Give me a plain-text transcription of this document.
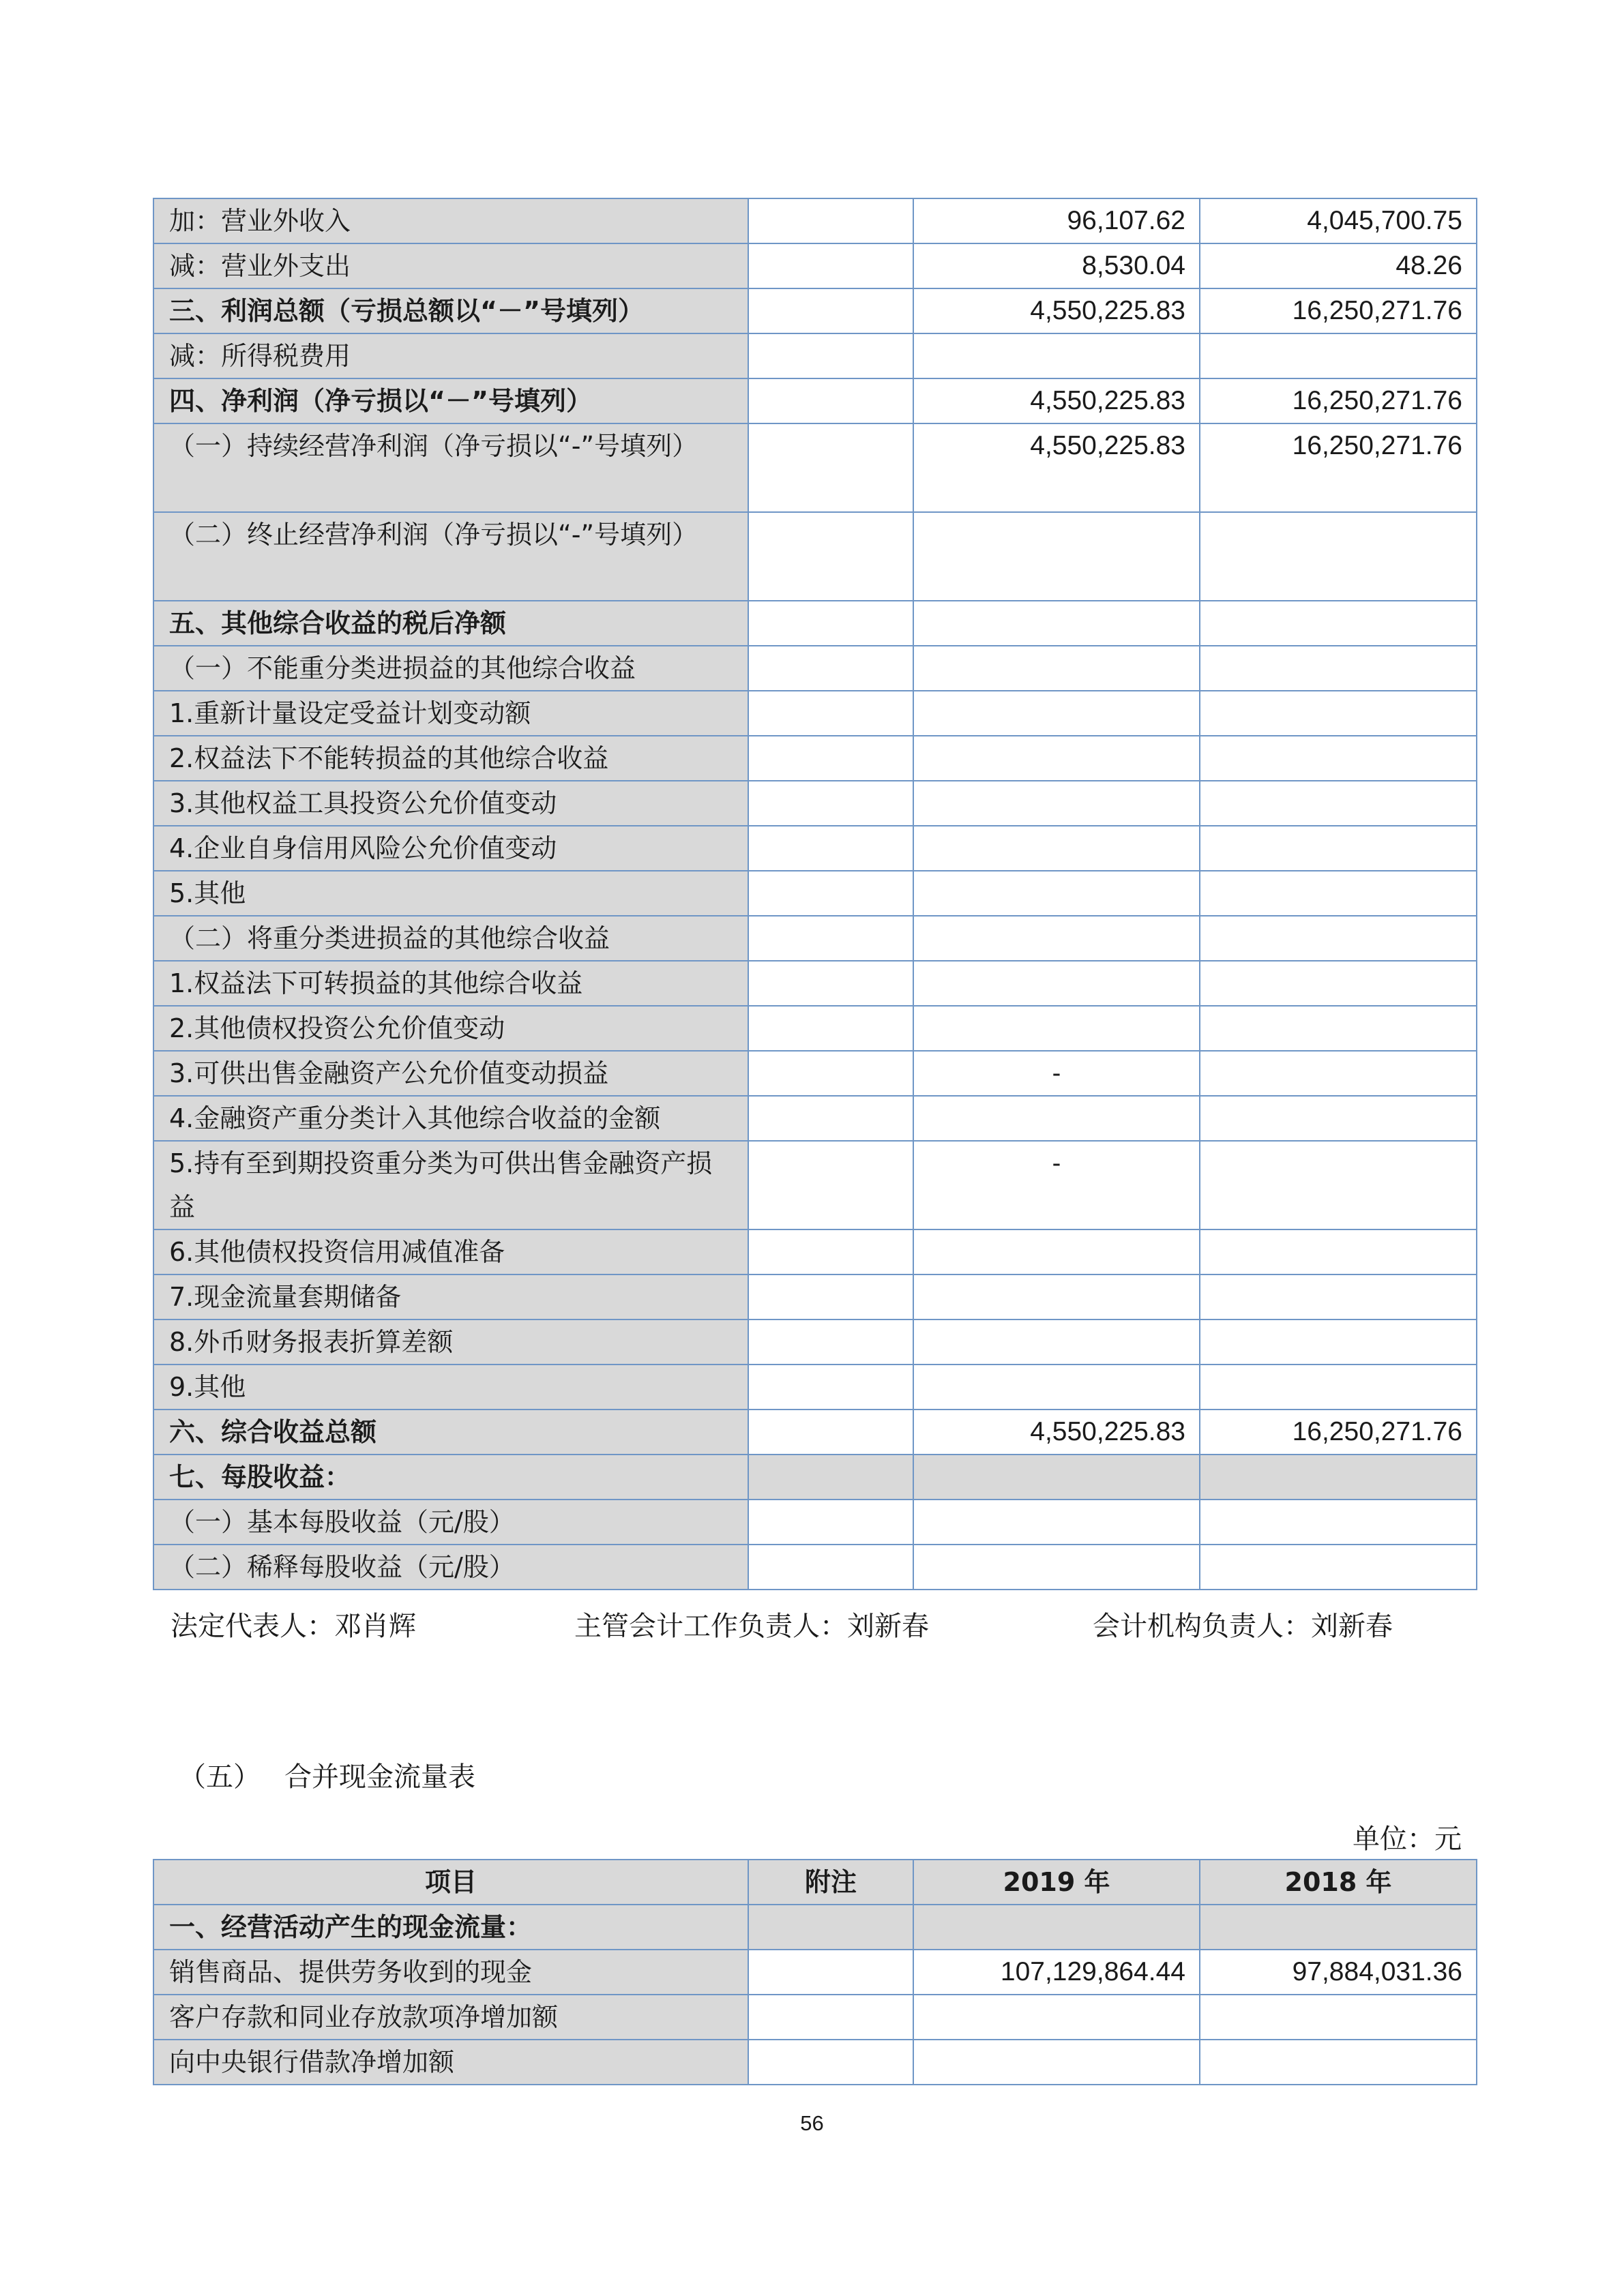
加：营业外收入		96,107.62	4,045,700.75
减：营业外支出		8,530.04	48.26
三、利润总额（亏损总额以“－”号填列）		4,550,225.83	16,250,271.76
减：所得税费用			
四、净利润（净亏损以“－”号填列）		4,550,225.83	16,250,271.76
（一）持续经营净利润（净亏损以“-”号填列）		4,550,225.83	16,250,271.76
（二）终止经营净利润（净亏损以“-”号填列）			
五、其他综合收益的税后净额			
（一）不能重分类进损益的其他综合收益			
1.重新计量设定受益计划变动额			
2.权益法下不能转损益的其他综合收益			
3.其他权益工具投资公允价值变动			
4.企业自身信用风险公允价值变动			
5.其他			
（二）将重分类进损益的其他综合收益			
1.权益法下可转损益的其他综合收益			
2.其他债权投资公允价值变动			
3.可供出售金融资产公允价值变动损益		-	
4.金融资产重分类计入其他综合收益的金额			
5.持有至到期投资重分类为可供出售金融资产损益		-	
6.其他债权投资信用减值准备			
7.现金流量套期储备			
8.外币财务报表折算差额			
9.其他			
六、综合收益总额		4,550,225.83	16,250,271.76
七、每股收益：			
（一）基本每股收益（元/股）			
（二）稀释每股收益（元/股）			
法定代表人：邓肖辉	主管会计工作负责人：刘新春	会计机构负责人：刘新春
（五） 合并现金流量表
单位：元
项目	附注	2019 年	2018 年
一、经营活动产生的现金流量：			
销售商品、提供劳务收到的现金		107,129,864.44	97,884,031.36
客户存款和同业存放款项净增加额			
向中央银行借款净增加额			
56
